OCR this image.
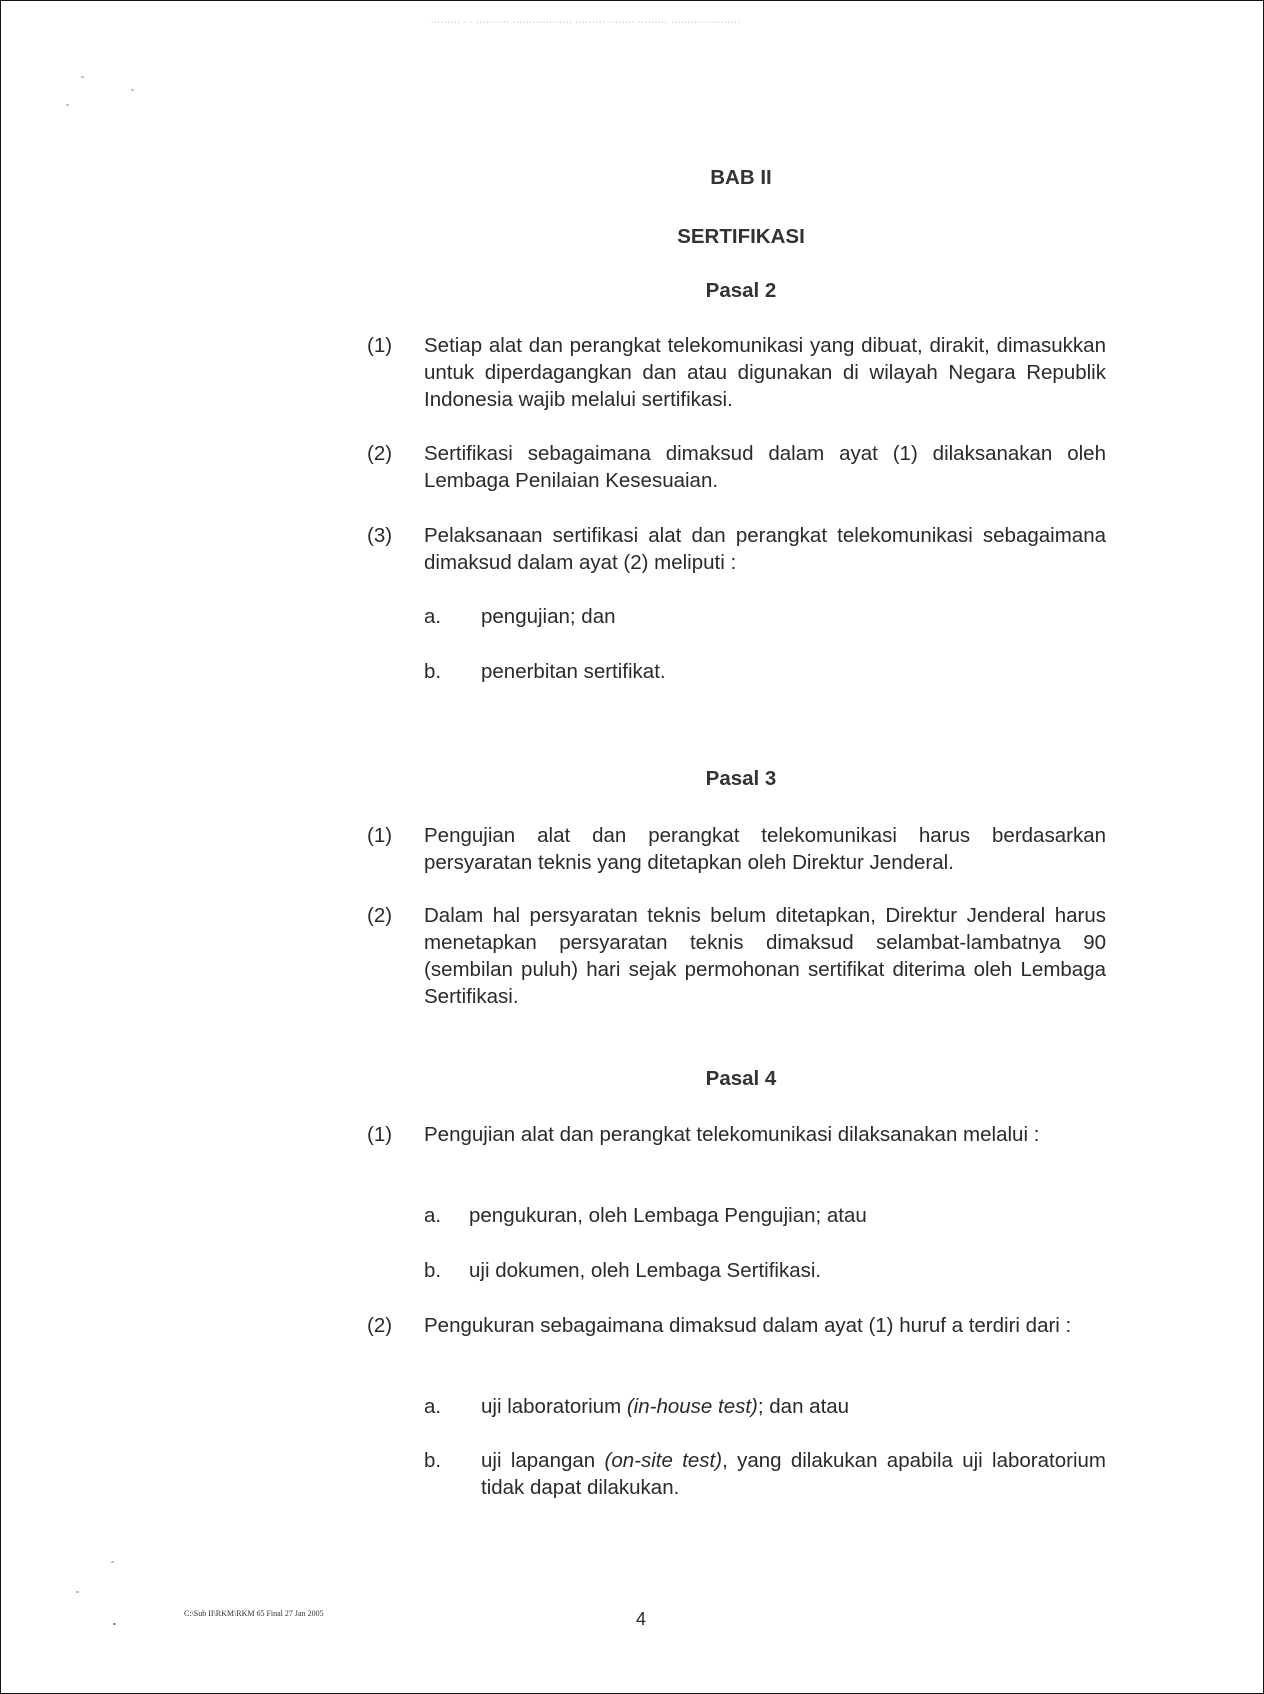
········· · · ·········· ·················· ········· ········ ········· ·····················
BAB II
SERTIFIKASI
Pasal 2
(1) Setiap alat dan perangkat telekomunikasi yang dibuat, dirakit, dimasukkan untuk diperdagangkan dan atau digunakan di wilayah Negara Republik Indonesia wajib melalui sertifikasi.
(2) Sertifikasi sebagaimana dimaksud dalam ayat (1) dilaksanakan oleh Lembaga Penilaian Kesesuaian.
(3) Pelaksanaan sertifikasi alat dan perangkat telekomunikasi sebagaimana dimaksud dalam ayat (2) meliputi :
a. pengujian; dan
b. penerbitan sertifikat.
Pasal 3
(1) Pengujian alat dan perangkat telekomunikasi harus berdasarkan persyaratan teknis yang ditetapkan oleh Direktur Jenderal.
(2) Dalam hal persyaratan teknis belum ditetapkan, Direktur Jenderal harus menetapkan persyaratan teknis dimaksud selambat-lambatnya 90 (sembilan puluh) hari sejak permohonan sertifikat diterima oleh Lembaga Sertifikasi.
Pasal 4
(1) Pengujian alat dan perangkat telekomunikasi dilaksanakan melalui :
a. pengukuran, oleh Lembaga Pengujian; atau
b. uji dokumen, oleh Lembaga Sertifikasi.
(2) Pengukuran sebagaimana dimaksud dalam ayat (1) huruf a terdiri dari :
a. uji laboratorium (in-house test); dan atau
b. uji lapangan (on-site test), yang dilakukan apabila uji laboratorium tidak dapat dilakukan.
C:\Sub II\RKM\RKM 65 Final 27 Jan 2005	4
